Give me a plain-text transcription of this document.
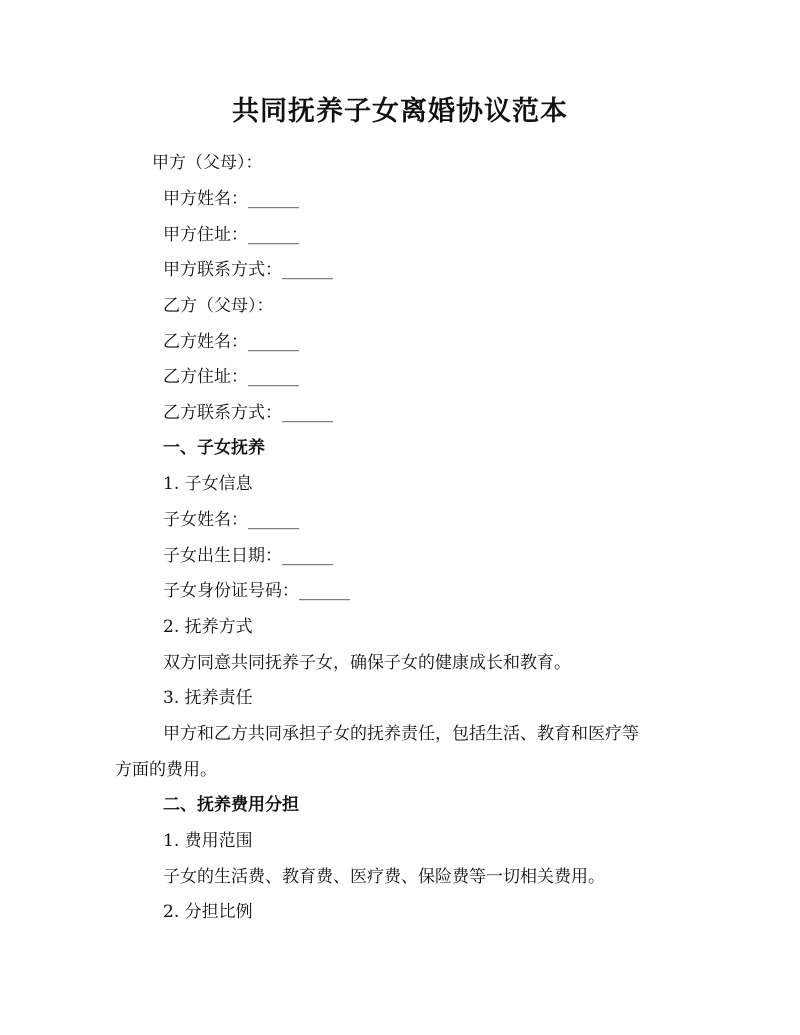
共同抚养子女离婚协议范本
甲方（父母）：
甲方姓名：______
甲方住址：______
甲方联系方式：______
乙方（父母）：
乙方姓名：______
乙方住址：______
乙方联系方式：______
一、子女抚养
1. 子女信息
子女姓名：______
子女出生日期：______
子女身份证号码：______
2. 抚养方式
双方同意共同抚养子女，确保子女的健康成长和教育。
3. 抚养责任
甲方和乙方共同承担子女的抚养责任，包括生活、教育和医疗等
方面的费用。
二、抚养费用分担
1. 费用范围
子女的生活费、教育费、医疗费、保险费等一切相关费用。
2. 分担比例
